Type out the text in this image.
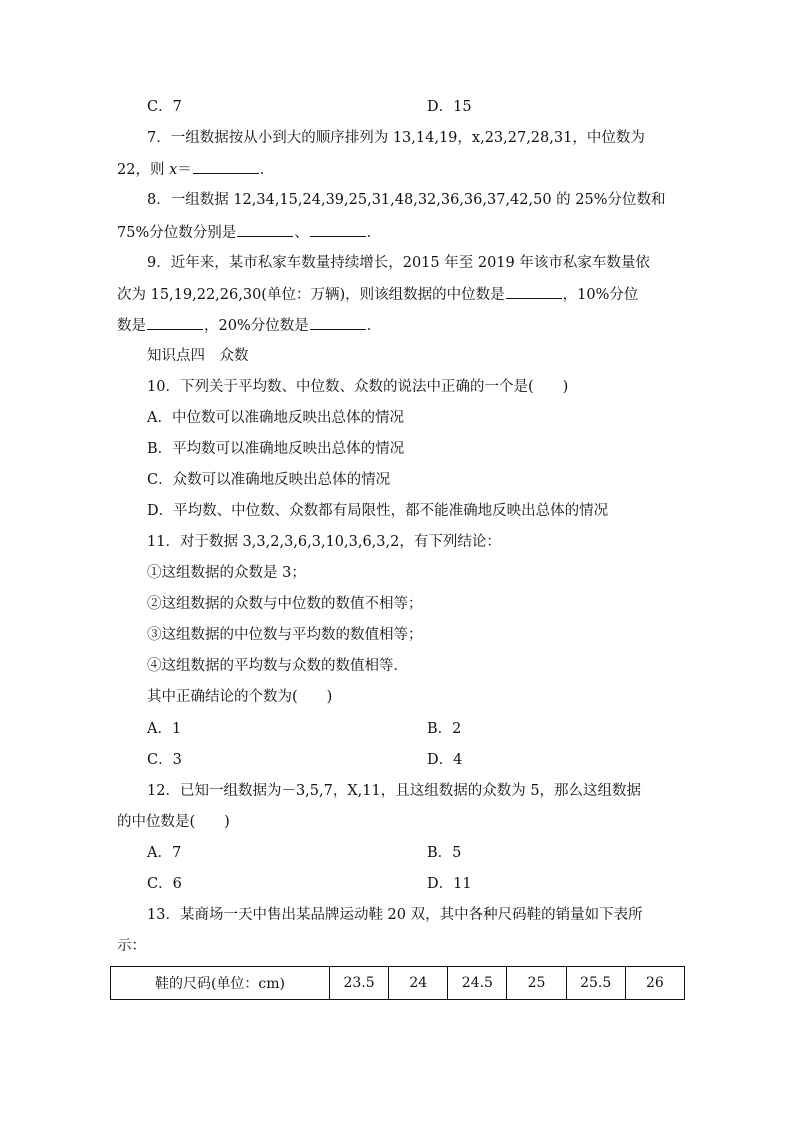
C．7	D．15
7．一组数据按从小到大的顺序排列为 13,14,19，x,23,27,28,31，中位数为
22，则 x＝	．
8．一组数据 12,34,15,24,39,25,31,48,32,36,36,37,42,50 的 25%分位数和
75%分位数分别是	、	．
9．近年来，某市私家车数量持续增长，2015 年至 2019 年该市私家车数量依
次为 15,19,22,26,30(单位：万辆)，则该组数据的中位数是	，10%分位
数是	，20%分位数是	．
知识点四　众数
10．下列关于平均数、中位数、众数的说法中正确的一个是(　　)
A．中位数可以准确地反映出总体的情况
B．平均数可以准确地反映出总体的情况
C．众数可以准确地反映出总体的情况
D．平均数、中位数、众数都有局限性，都不能准确地反映出总体的情况
11．对于数据 3,3,2,3,6,3,10,3,6,3,2，有下列结论：
①这组数据的众数是 3；
②这组数据的众数与中位数的数值不相等；
③这组数据的中位数与平均数的数值相等；
④这组数据的平均数与众数的数值相等．
其中正确结论的个数为(　　)
A．1	B．2
C．3	D．4
12．已知一组数据为－3,5,7，X,11，且这组数据的众数为 5，那么这组数据
的中位数是(　　)
A．7	B．5
C．6	D．11
13．某商场一天中售出某品牌运动鞋 20 双，其中各种尺码鞋的销量如下表所
示：
鞋的尺码(单位：cm)	23.5	24	24.5	25	25.5	26
